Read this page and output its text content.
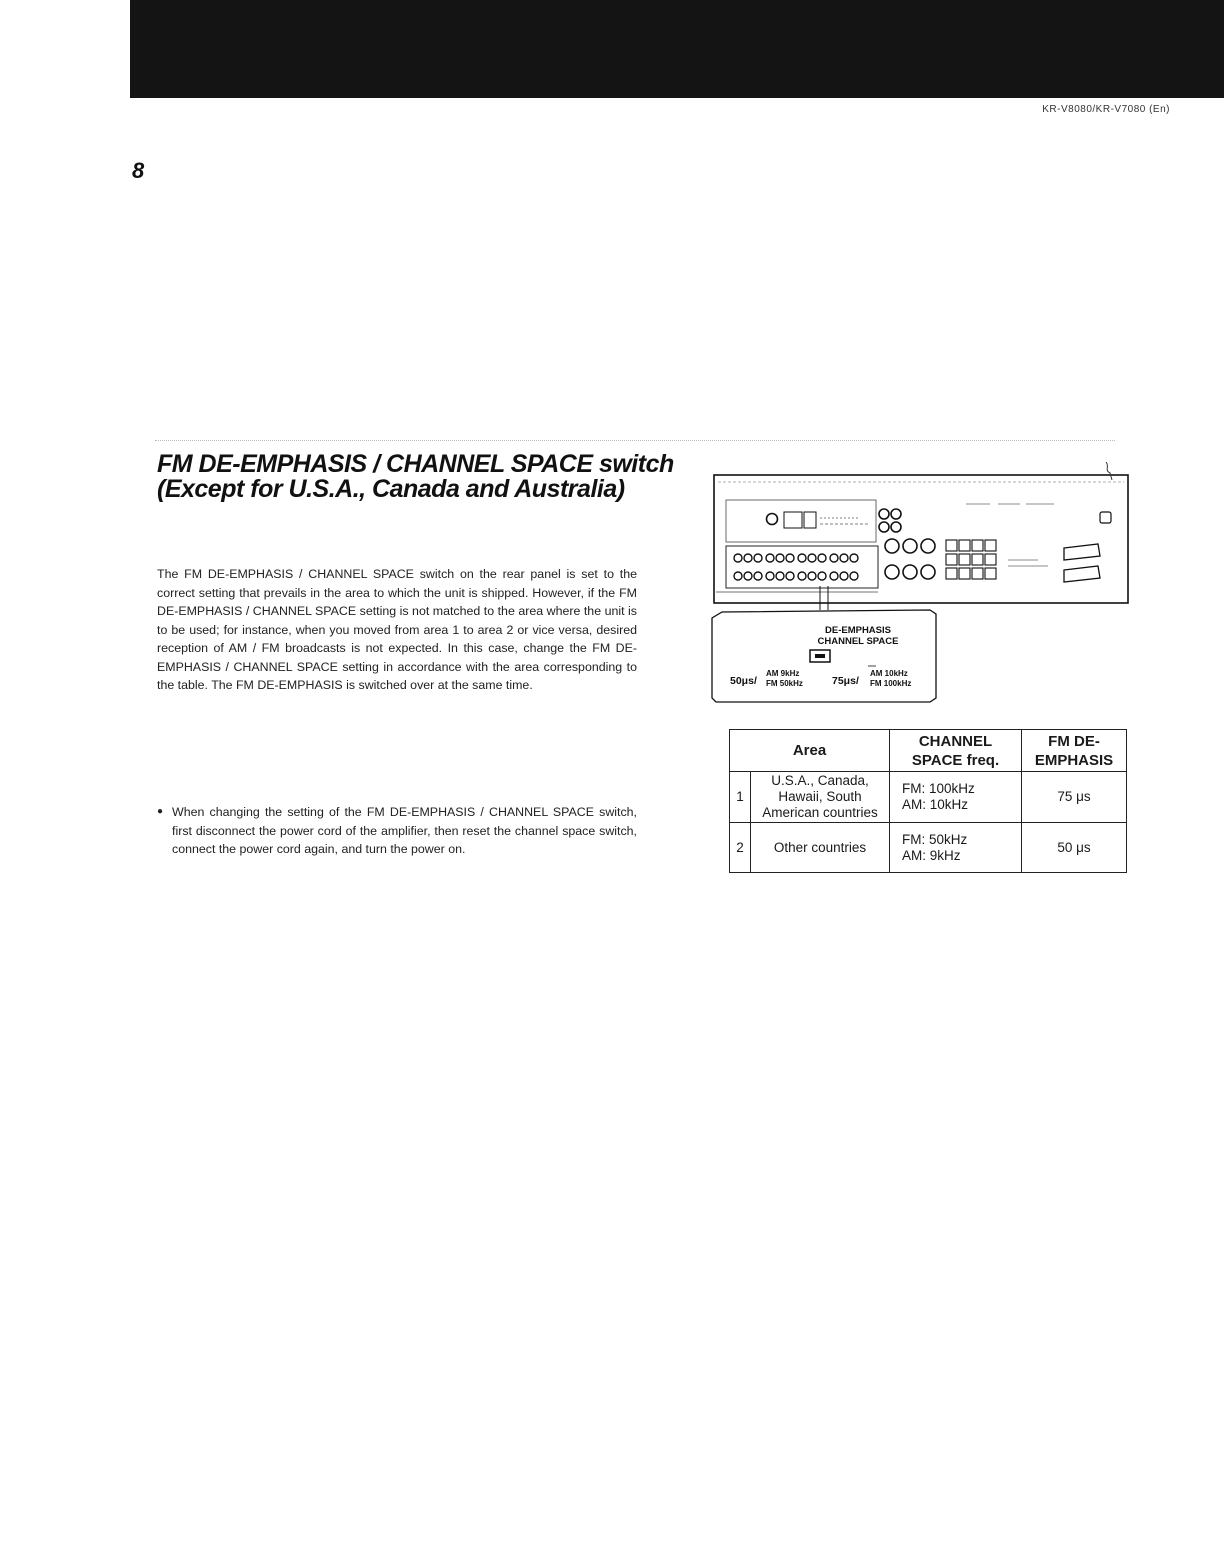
KR-V8080/KR-V7080 (En)
8
FM DE-EMPHASIS / CHANNEL SPACE switch
(Except for U.S.A., Canada and Australia)

The FM DE-EMPHASIS / CHANNEL SPACE switch on the rear panel is set to the correct setting that prevails in the area to which the unit is shipped. However, if the FM DE-EMPHASIS / CHANNEL SPACE setting is not matched to the area where the unit is to be used; for instance, when you moved from area 1 to area 2 or vice versa, desired reception of AM / FM broadcasts is not expected. In this case, change the FM DE-EMPHASIS / CHANNEL SPACE setting in accordance with the area corresponding to the table. The FM DE-EMPHASIS is switched over at the same time.

● When changing the setting of the FM DE-EMPHASIS / CHANNEL SPACE switch, first disconnect the power cord of the amplifier, then reset the channel space switch, connect the power cord again, and turn the power on.
DE-EMPHASIS
CHANNEL SPACE
50μs/
AM 9kHz
FM 50kHz	75μs/
AM 10kHz
FM 100kHz
Area		CHANNEL
SPACE freq.	FM DE-
EMPHASIS

1	U.S.A., Canada,
Hawaii, South
American countries	FM: 100kHz
AM: 10kHz	75 μs
2	Other countries	FM: 50kHz
AM: 9kHz	50 μs
